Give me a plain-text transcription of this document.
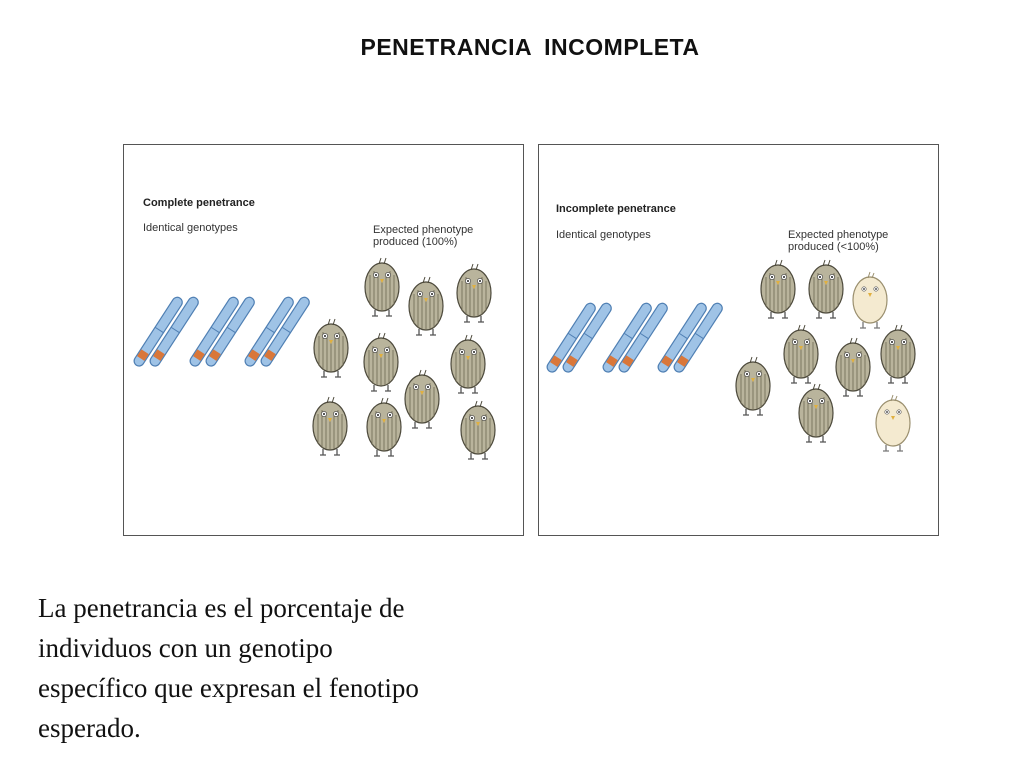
PENETRANCIA INCOMPLETA
Complete penetrance
Identical genotypes	Expected phenotype
produced (100%)
Incomplete penetrance
Identical genotypes	Expected phenotype
produced (<100%)
La penetrancia es el porcentaje de
individuos con un genotipo
específico que expresan el fenotipo
esperado.
